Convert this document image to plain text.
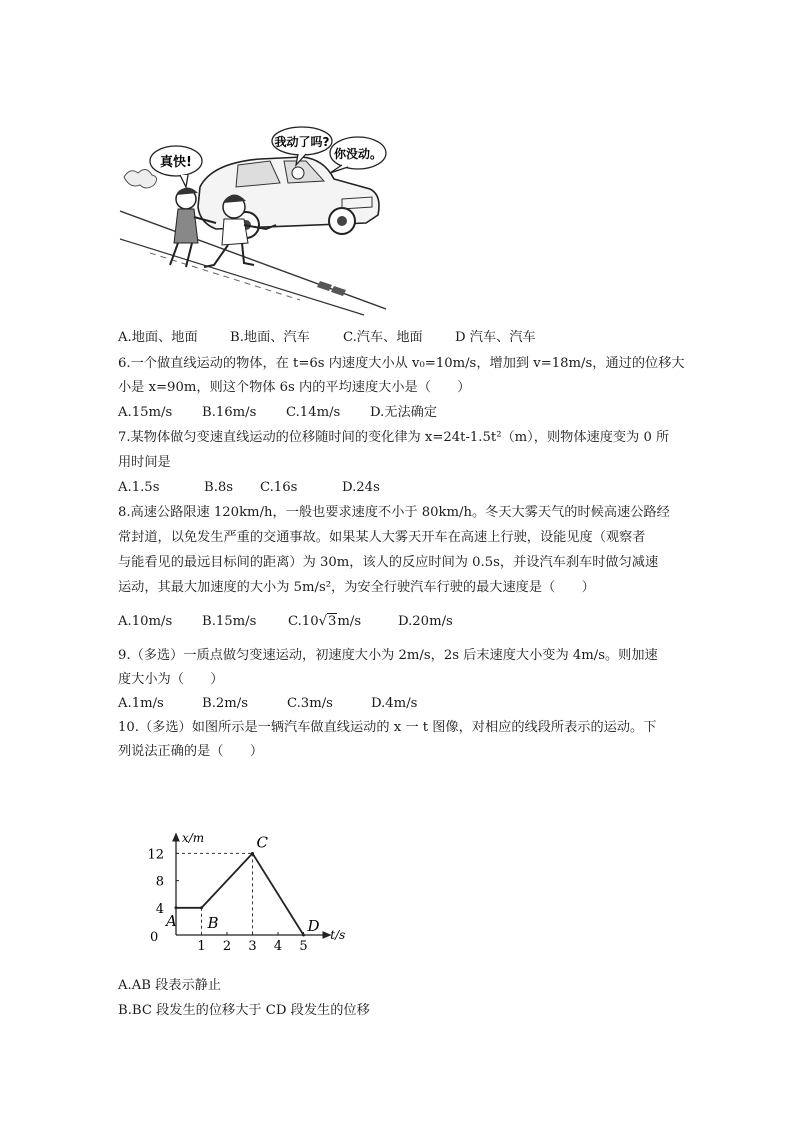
真快!
我动了吗?
你没动。
A.地面、地面 B.地面、汽车	C.汽车、地面 D 汽车、汽车
6.一个做直线运动的物体，在 t=6s 内速度大小从 v₀=10m/s，增加到 v=18m/s，通过的位移大
小是 x=90m，则这个物体 6s 内的平均速度大小是（　　）
A.15m/s B.16m/s C.14m/s D.无法确定
7.某物体做匀变速直线运动的位移随时间的变化律为 x=24t-1.5t²（m），则物体速度变为 0 所
用时间是
A.1.5s	B.8s C.16s	D.24s
8.高速公路限速 120km/h，一般也要求速度不小于 80km/h。冬天大雾天气的时候高速公路经
常封道，以免发生严重的交通事故。如果某人大雾天开车在高速上行驶，设能见度（观察者
与能看见的最远目标间的距离）为 30m，该人的反应时间为 0.5s，并设汽车刹车时做匀减速
运动，其最大加速度的大小为 5m/s²，为安全行驶汽车行驶的最大速度是（　　）
A.10m/s B.15m/s C.10√3m/s	D.20m/s
9.（多选）一质点做匀变速运动，初速度大小为 2m/s，2s 后末速度大小变为 4m/s。则加速
度大小为（　　）
A.1m/s	B.2m/s	C.3m/s	D.4m/s
10.（多选）如图所示是一辆汽车做直线运动的 x 一 t 图像，对相应的线段所表示的运动。下
列说法正确的是（　　）
t/s
x/m
0
1 2 3 4 5
4
8
12
A B
C
D
A.AB 段表示静止
B.BC 段发生的位移大于 CD 段发生的位移
